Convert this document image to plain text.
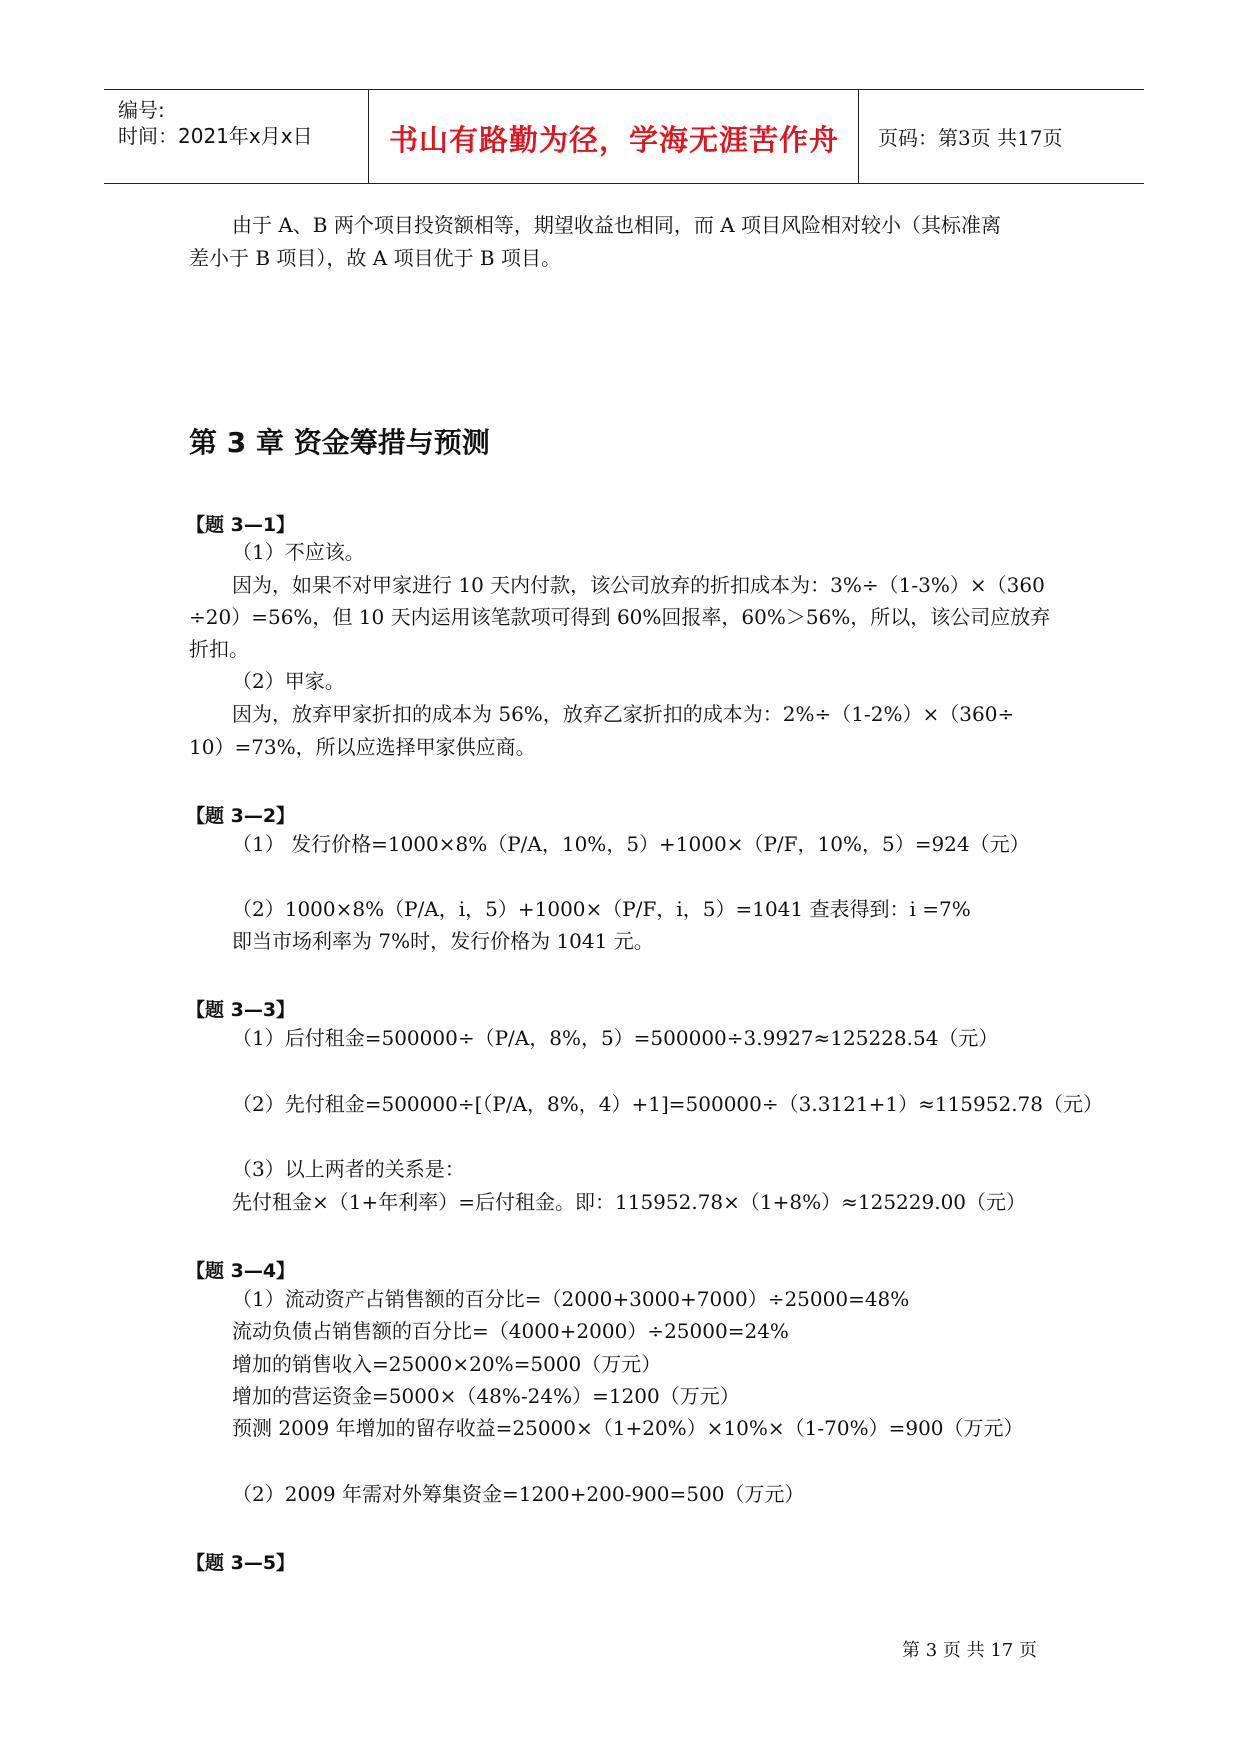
编号:
时间：2021年x月x日	书山有路勤为径，学海无涯苦作舟	页码：第3页 共17页
由于 A、B 两个项目投资额相等，期望收益也相同，而 A 项目风险相对较小（其标准离
差小于 B 项目），故 A 项目优于 B 项目。
第 3 章 资金筹措与预测
【题 3—1】
（1）不应该。
因为，如果不对甲家进行 10 天内付款，该公司放弃的折扣成本为：3%÷（1-3%）×（360
÷20）=56%，但 10 天内运用该笔款项可得到 60%回报率，60%＞56%，所以，该公司应放弃
折扣。
（2）甲家。
因为，放弃甲家折扣的成本为 56%，放弃乙家折扣的成本为：2%÷（1-2%）×（360÷
10）=73%，所以应选择甲家供应商。
【题 3—2】
（1） 发行价格=1000×8%（P/A，10%，5）+1000×（P/F，10%，5）=924（元）
（2）1000×8%（P/A，i，5）+1000×（P/F，i，5）=1041 查表得到：i =7%
即当市场利率为 7%时，发行价格为 1041 元。
【题 3—3】
（1）后付租金=500000÷（P/A，8%，5）=500000÷3.9927≈125228.54（元）
（2）先付租金=500000÷[（P/A，8%，4）+1]=500000÷（3.3121+1）≈115952.78（元）
（3）以上两者的关系是：
先付租金×（1+年利率）=后付租金。即：115952.78×（1+8%）≈125229.00（元）
【题 3—4】
（1）流动资产占销售额的百分比=（2000+3000+7000）÷25000=48%
流动负债占销售额的百分比=（4000+2000）÷25000=24%
增加的销售收入=25000×20%=5000（万元）
增加的营运资金=5000×（48%-24%）=1200（万元）
预测 2009 年增加的留存收益=25000×（1+20%）×10%×（1-70%）=900（万元）
（2）2009 年需对外筹集资金=1200+200-900=500（万元）
【题 3—5】
第 3 页 共 17 页
